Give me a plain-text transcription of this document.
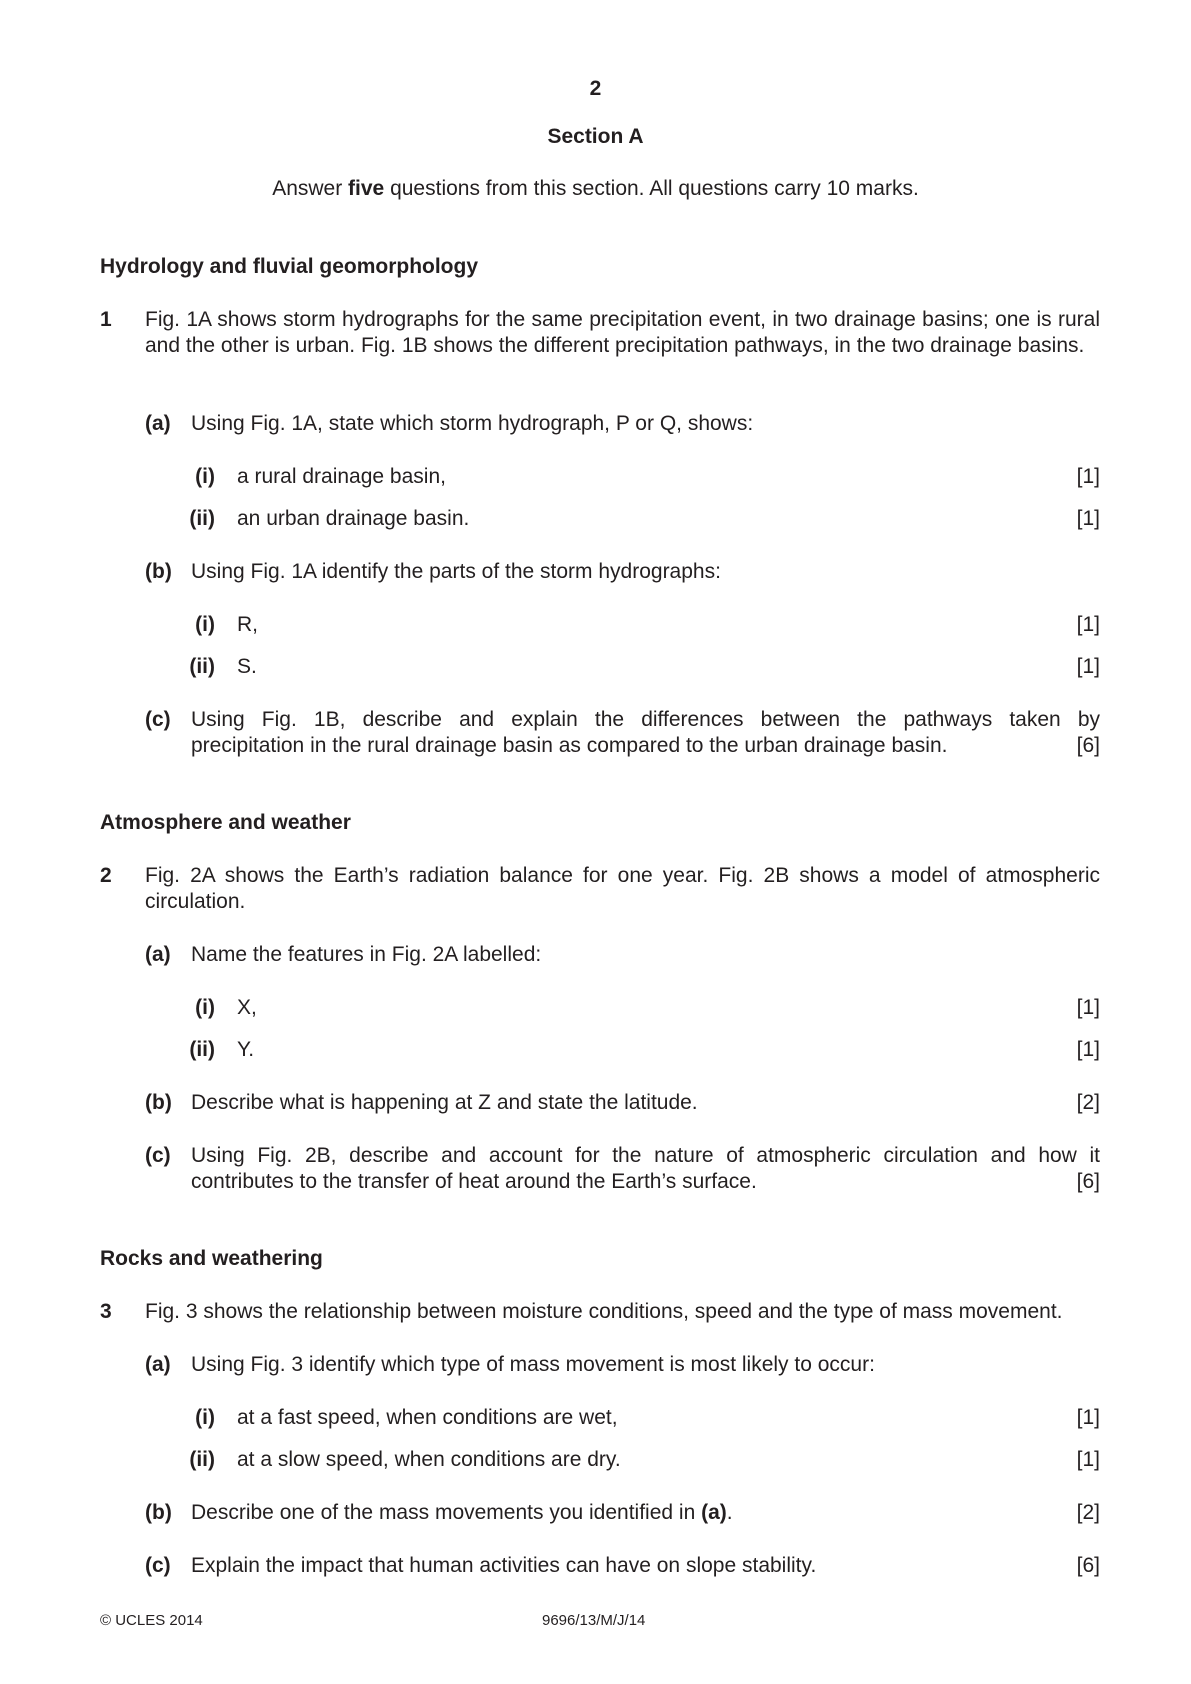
2
Section A
Answer five questions from this section. All questions carry 10 marks.
Hydrology and fluvial geomorphology
1 Fig. 1A shows storm hydrographs for the same precipitation event, in two drainage basins; one is rural and the other is urban. Fig. 1B shows the different precipitation pathways, in the two drainage basins.
(a) Using Fig. 1A, state which storm hydrograph, P or Q, shows:
(i) a rural drainage basin,	[1]
(ii) an urban drainage basin.	[1]
(b) Using Fig. 1A identify the parts of the storm hydrographs:
(i) R,	[1]
(ii) S.	[1]
(c) Using Fig. 1B, describe and explain the differences between the pathways taken by
precipitation in the rural drainage basin as compared to the urban drainage basin.	[6]
Atmosphere and weather
2 Fig. 2A shows the Earth’s radiation balance for one year. Fig. 2B shows a model of atmospheric circulation.
(a) Name the features in Fig. 2A labelled:
(i) X,	[1]
(ii) Y.	[1]
(b) Describe what is happening at Z and state the latitude.	[2]
(c) Using Fig. 2B, describe and account for the nature of atmospheric circulation and how it
contributes to the transfer of heat around the Earth’s surface.	[6]
Rocks and weathering
3 Fig. 3 shows the relationship between moisture conditions, speed and the type of mass movement.
(a) Using Fig. 3 identify which type of mass movement is most likely to occur:
(i) at a fast speed, when conditions are wet,	[1]
(ii) at a slow speed, when conditions are dry.	[1]
(b) Describe one of the mass movements you identified in (a).	[2]
(c) Explain the impact that human activities can have on slope stability.	[6]
© UCLES 2014	9696/13/M/J/14
